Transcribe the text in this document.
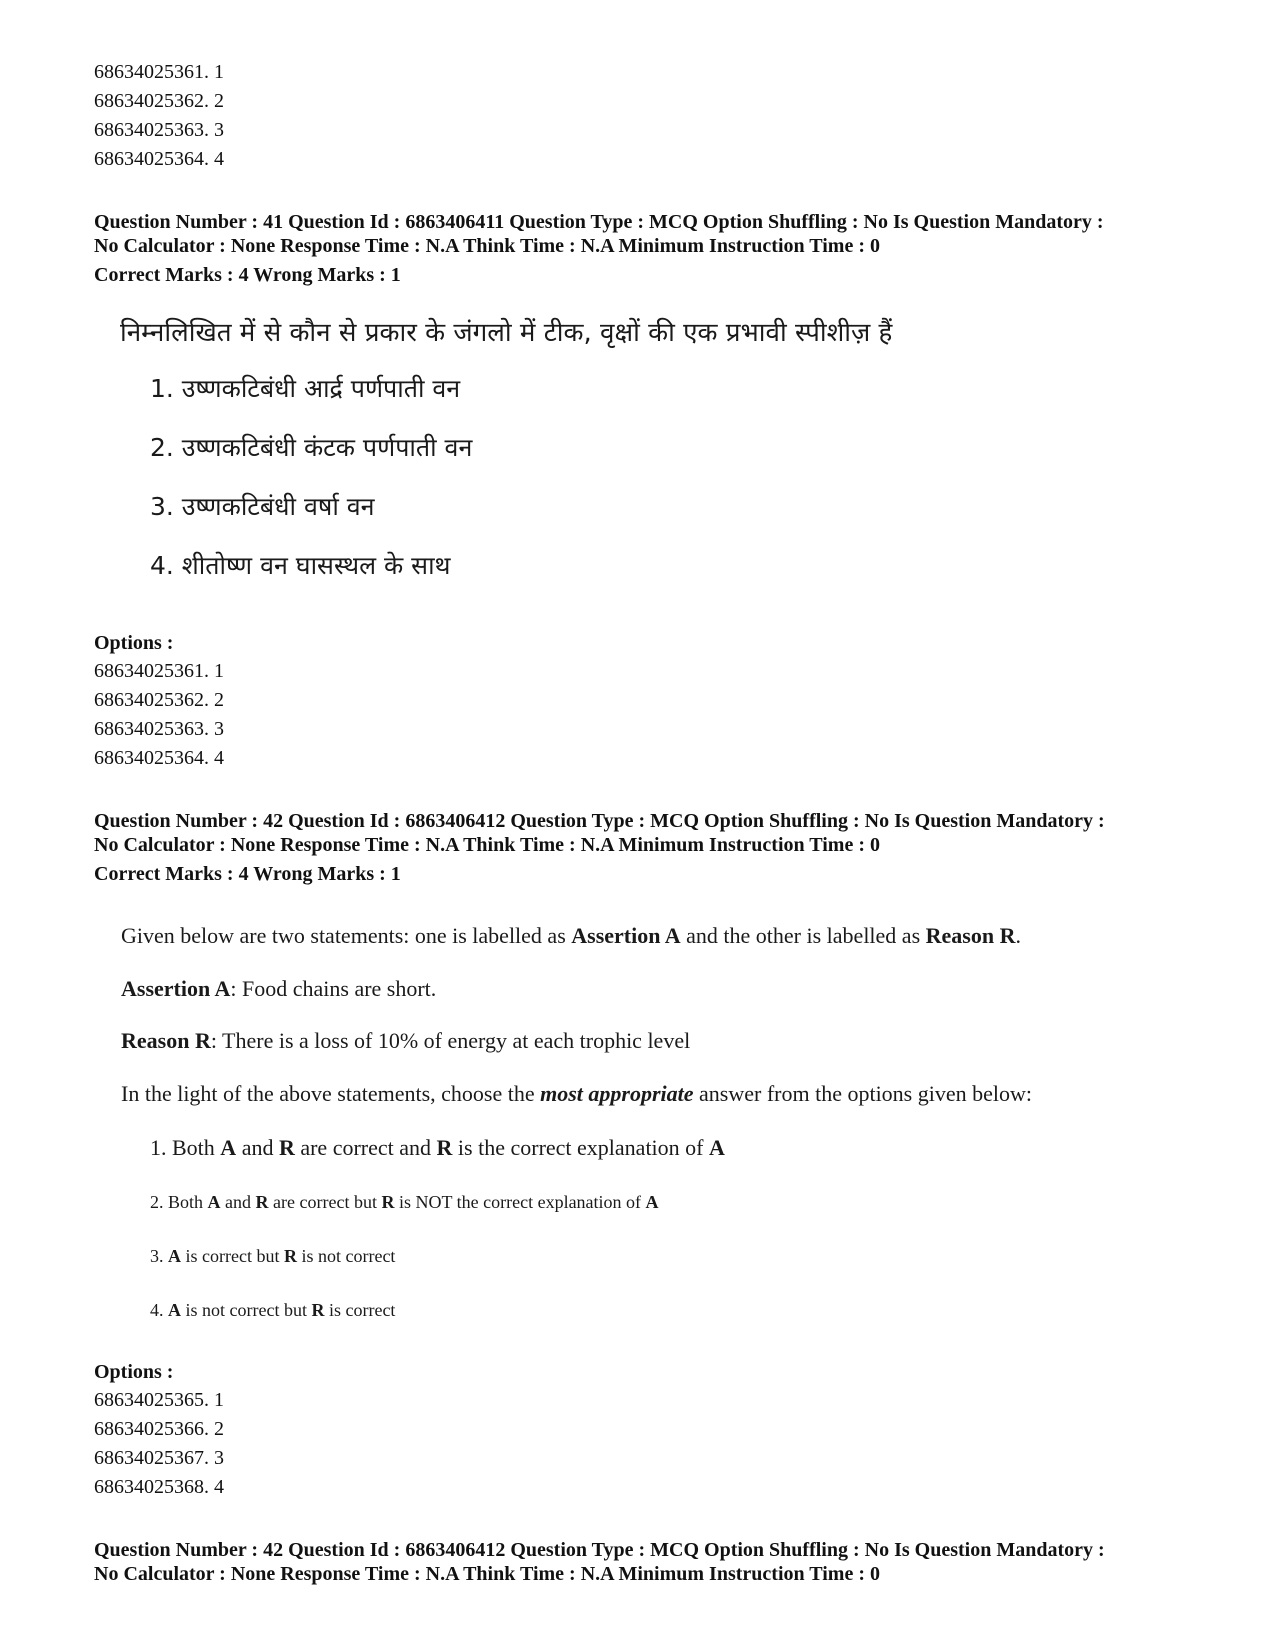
68634025361. 1
68634025362. 2
68634025363. 3
68634025364. 4
Question Number : 41 Question Id : 6863406411 Question Type : MCQ Option Shuffling : No Is Question Mandatory :
No Calculator : None Response Time : N.A Think Time : N.A Minimum Instruction Time : 0
Correct Marks : 4 Wrong Marks : 1
निम्नलिखित में से कौन से प्रकार के जंगलो में टीक, वृक्षों की एक प्रभावी स्पीशीज़ हैं
1. उष्णकटिबंधी आर्द्र पर्णपाती वन
2. उष्णकटिबंधी कंटक पर्णपाती वन
3. उष्णकटिबंधी वर्षा वन
4. शीतोष्ण वन घासस्थल के साथ
Options :
68634025361. 1
68634025362. 2
68634025363. 3
68634025364. 4
Question Number : 42 Question Id : 6863406412 Question Type : MCQ Option Shuffling : No Is Question Mandatory :
No Calculator : None Response Time : N.A Think Time : N.A Minimum Instruction Time : 0
Correct Marks : 4 Wrong Marks : 1
Given below are two statements: one is labelled as Assertion A and the other is labelled as Reason R.
Assertion A: Food chains are short.
Reason R: There is a loss of 10% of energy at each trophic level
In the light of the above statements, choose the most appropriate answer from the options given below:
1. Both A and R are correct and R is the correct explanation of A
2. Both A and R are correct but R is NOT the correct explanation of A
3. A is correct but R is not correct
4. A is not correct but R is correct
Options :
68634025365. 1
68634025366. 2
68634025367. 3
68634025368. 4
Question Number : 42 Question Id : 6863406412 Question Type : MCQ Option Shuffling : No Is Question Mandatory :
No Calculator : None Response Time : N.A Think Time : N.A Minimum Instruction Time : 0
